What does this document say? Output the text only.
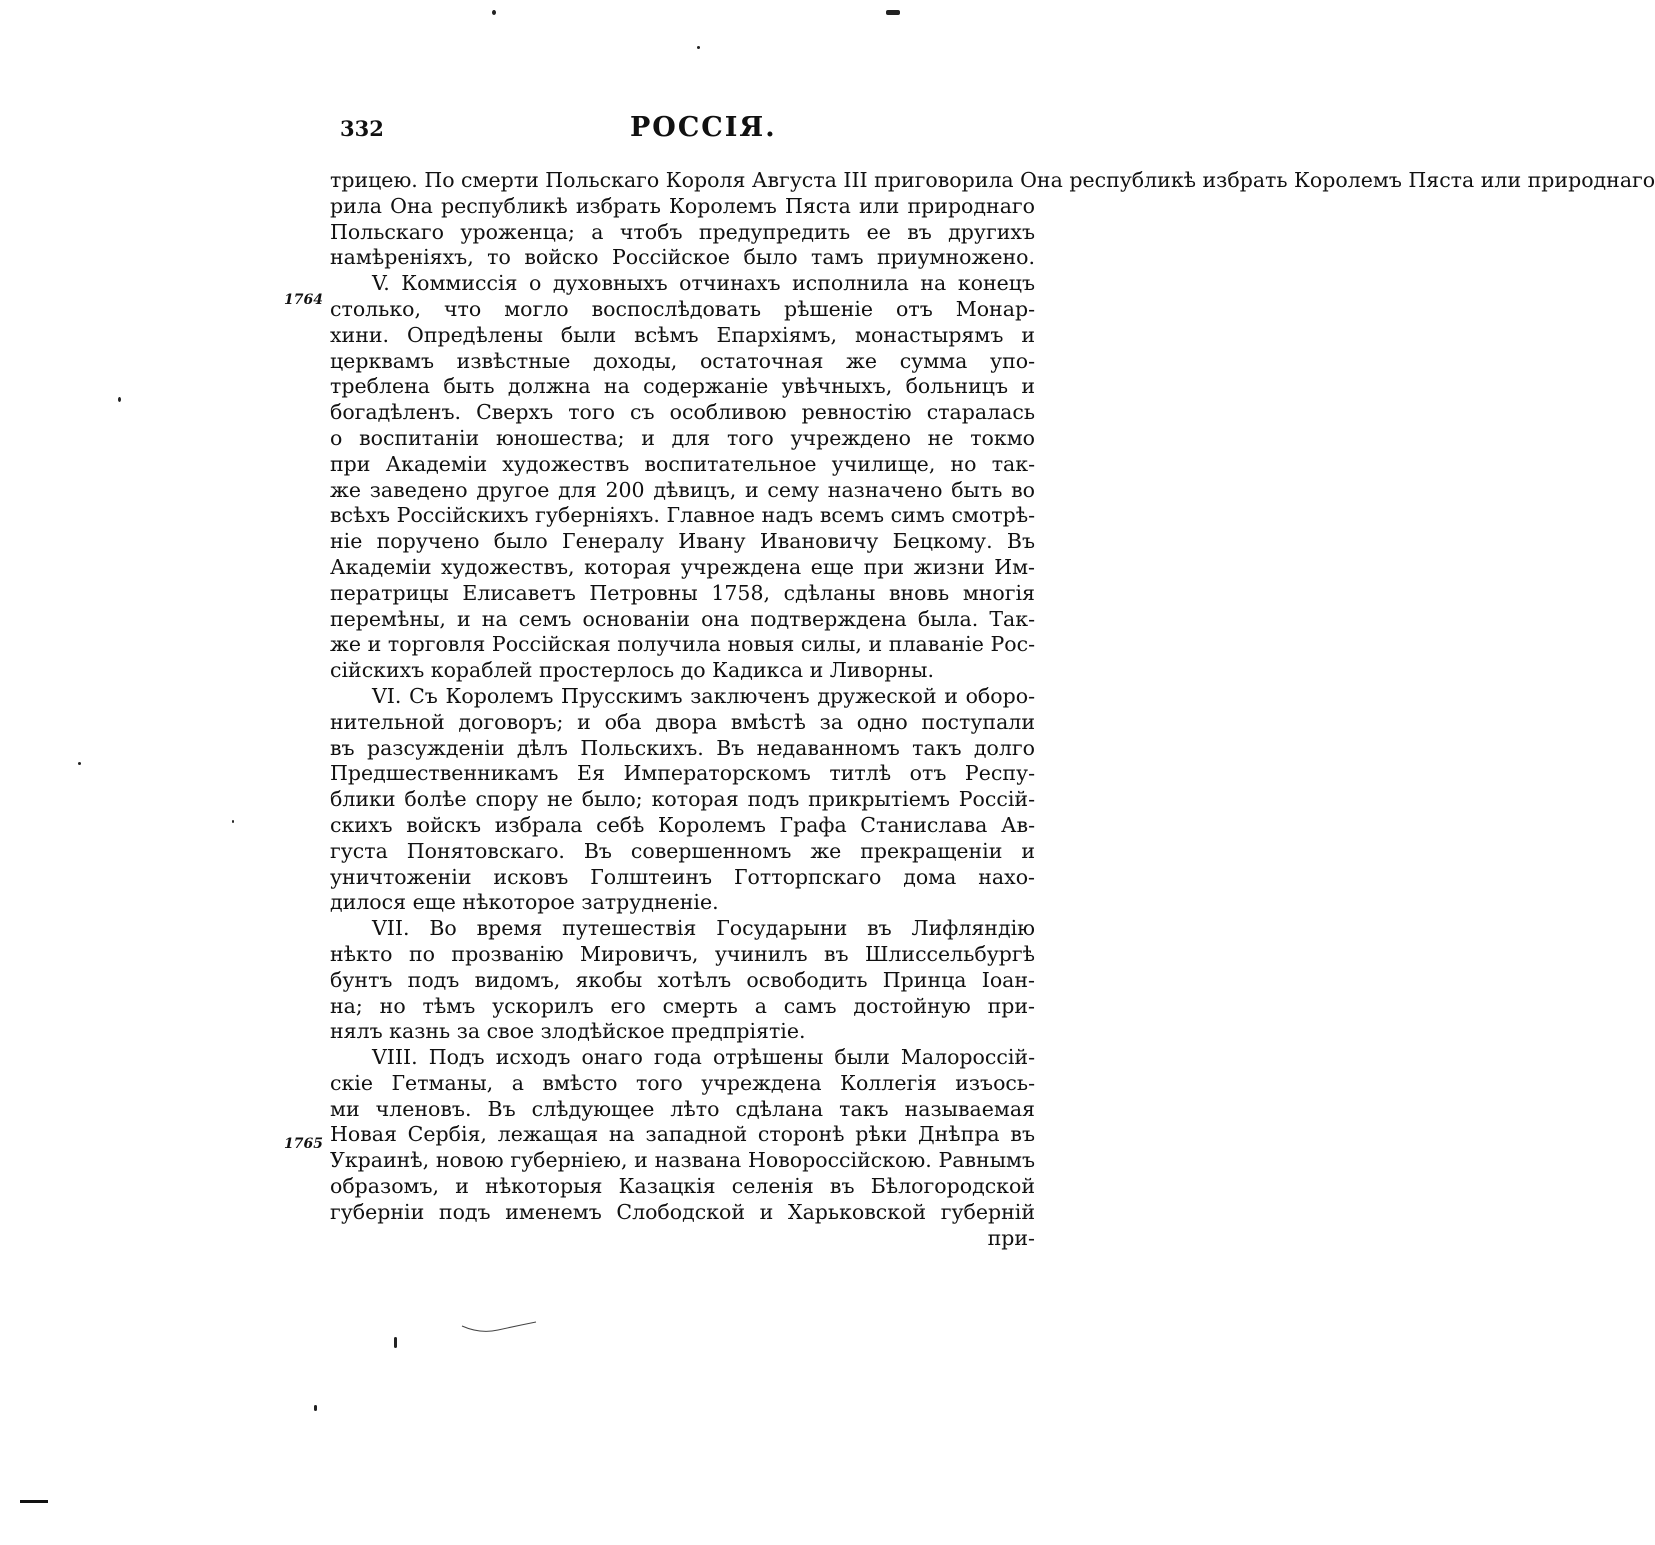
332	РОССІЯ.
1764
1765
трицею. По смерти Польскаго Короля Августа III приговорила Она республикѣ избрать Королемъ Пяста или природнаго
рила Она республикѣ избрать Королемъ Пяста или природнаго
Польскаго уроженца; а чтобъ предупредить ее въ другихъ
намѣреніяхъ, то войско Россійское было тамъ приумножено.
V. Коммиссія о духовныхъ отчинахъ исполнила на конецъ
столько, что могло воспослѣдовать рѣшеніе отъ Монар-
хини. Опредѣлены были всѣмъ Епархіямъ, монастырямъ и
церквамъ извѣстные доходы, остаточная же сумма упо-
треблена быть должна на содержаніе увѣчныхъ, больницъ и
богадѣленъ. Сверхъ того съ особливою ревностію старалась
о воспитаніи юношества; и для того учреждено не токмо
при Академіи художествъ воспитательное училище, но так-
же заведено другое для 200 дѣвицъ, и сему назначено быть во
всѣхъ Россійскихъ губерніяхъ. Главное надъ всемъ симъ смотрѣ-
ніе поручено было Генералу Ивану Ивановичу Бецкому. Въ
Академіи художествъ, которая учреждена еще при жизни Им-
ператрицы Елисаветъ Петровны 1758, сдѣланы вновь многія
перемѣны, и на семъ основаніи она подтверждена была. Так-
же и торговля Россійская получила новыя силы, и плаваніе Рос-
сійскихъ кораблей простерлось до Кадикса и Ливорны.
VI. Съ Королемъ Прусскимъ заключенъ дружеской и оборо-
нительной договоръ; и оба двора вмѣстѣ за одно поступали
въ разсужденіи дѣлъ Польскихъ. Въ недаванномъ такъ долго
Предшественникамъ Ея Императорскомъ титлѣ отъ Респу-
блики болѣе спору не было; которая подъ прикрытіемъ Россій-
скихъ войскъ избрала себѣ Королемъ Графа Станислава Ав-
густа Понятовскаго. Въ совершенномъ же прекращеніи и
уничтоженіи исковъ Голштеинъ Готторпскаго дома нахо-
дилося еще нѣкоторое затрудненіе.
VII. Во время путешествія Государыни въ Лифляндію
нѣкто по прозванію Мировичъ, учинилъ въ Шлиссельбургѣ
бунтъ подъ видомъ, якобы хотѣлъ освободить Принца Іоан-
на; но тѣмъ ускорилъ его смерть а самъ достойную при-
нялъ казнь за свое злодѣйское предпріятіе.
VIII. Подъ исходъ онаго года отрѣшены были Малороссій-
скіе Гетманы, а вмѣсто того учреждена Коллегія изъось-
ми членовъ. Въ слѣдующее лѣто сдѣлана такъ называемая
Новая Сербія, лежащая на западной сторонѣ рѣки Днѣпра въ
Украинѣ, новою губерніею, и названа Новороссійскою. Равнымъ
образомъ, и нѣкоторыя Казацкія селенія въ Бѣлогородской
губерніи подъ именемъ Слободской и Харьковской губерній
при-
